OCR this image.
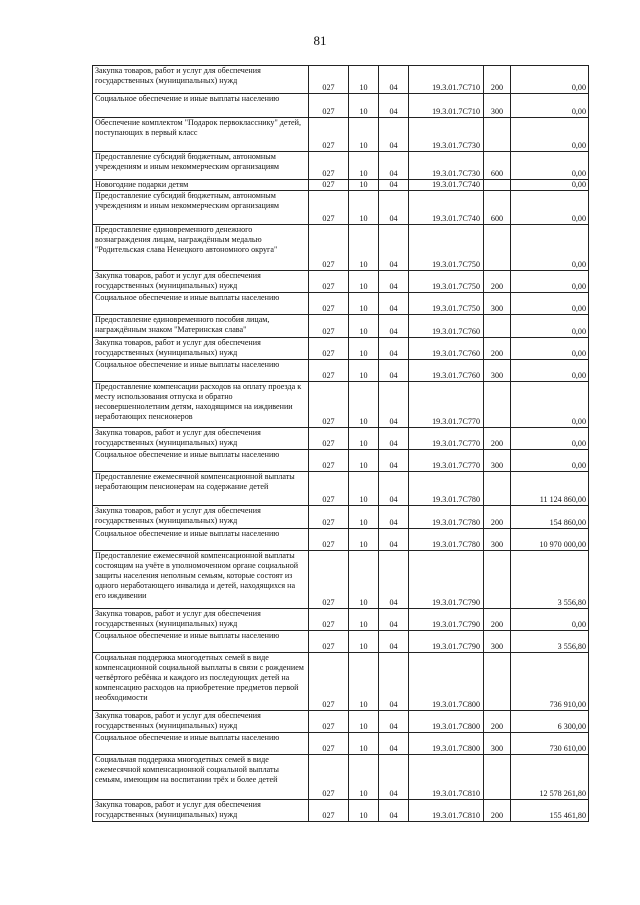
81
Закупка товаров, работ и услуг для обеспечения государственных (муниципальных) нужд	027	10	04	19.3.01.7С710	200	0,00
Социальное обеспечение и иные выплаты населению	027	10	04	19.3.01.7С710	300	0,00
Обеспечение комплектом "Подарок первокласснику" детей, поступающих в первый класс	027	10	04	19.3.01.7С730		0,00
Предоставление субсидий бюджетным, автономным учреждениям и иным некоммерческим организациям	027	10	04	19.3.01.7С730	600	0,00
Новогодние подарки детям	027	10	04	19.3.01.7С740		0,00
Предоставление субсидий бюджетным, автономным учреждениям и иным некоммерческим организациям	027	10	04	19.3.01.7С740	600	0,00
Предоставление единовременного денежного вознаграждения лицам, награждённым медалью "Родительская слава Ненецкого автономного округа"	027	10	04	19.3.01.7С750		0,00
Закупка товаров, работ и услуг для обеспечения государственных (муниципальных) нужд	027	10	04	19.3.01.7С750	200	0,00
Социальное обеспечение и иные выплаты населению	027	10	04	19.3.01.7С750	300	0,00
Предоставление единовременного пособия лицам, награждённым знаком "Материнская слава"	027	10	04	19.3.01.7С760		0,00
Закупка товаров, работ и услуг для обеспечения государственных (муниципальных) нужд	027	10	04	19.3.01.7С760	200	0,00
Социальное обеспечение и иные выплаты населению	027	10	04	19.3.01.7С760	300	0,00
Предоставление компенсации расходов на оплату проезда к месту использования отпуска и обратно несовершеннолетним детям, находящимся на иждивении неработающих пенсионеров	027	10	04	19.3.01.7С770		0,00
Закупка товаров, работ и услуг для обеспечения государственных (муниципальных) нужд	027	10	04	19.3.01.7С770	200	0,00
Социальное обеспечение и иные выплаты населению	027	10	04	19.3.01.7С770	300	0,00
Предоставление ежемесячной компенсационной выплаты неработающим пенсионерам на содержание детей	027	10	04	19.3.01.7С780		11 124 860,00
Закупка товаров, работ и услуг для обеспечения государственных (муниципальных) нужд	027	10	04	19.3.01.7С780	200	154 860,00
Социальное обеспечение и иные выплаты населению	027	10	04	19.3.01.7С780	300	10 970 000,00
Предоставление ежемесячной компенсационной выплаты состоящим на учёте в уполномоченном органе социальной защиты населения неполным семьям, которые состоят из одного неработающего инвалида и детей, находящихся на его иждивении	027	10	04	19.3.01.7С790		3 556,80
Закупка товаров, работ и услуг для обеспечения государственных (муниципальных) нужд	027	10	04	19.3.01.7С790	200	0,00
Социальное обеспечение и иные выплаты населению	027	10	04	19.3.01.7С790	300	3 556,80
Социальная поддержка многодетных семей в виде компенсационной социальной выплаты в связи с рождением четвёртого ребёнка и каждого из последующих детей на компенсацию расходов на приобретение предметов первой необходимости	027	10	04	19.3.01.7С800		736 910,00
Закупка товаров, работ и услуг для обеспечения государственных (муниципальных) нужд	027	10	04	19.3.01.7С800	200	6 300,00
Социальное обеспечение и иные выплаты населению	027	10	04	19.3.01.7С800	300	730 610,00
Социальная поддержка многодетных семей в виде ежемесячной компенсационной социальной выплаты семьям, имеющим на воспитании трёх и более детей	027	10	04	19.3.01.7С810		12 578 261,80
Закупка товаров, работ и услуг для обеспечения государственных (муниципальных) нужд	027	10	04	19.3.01.7С810	200	155 461,80
